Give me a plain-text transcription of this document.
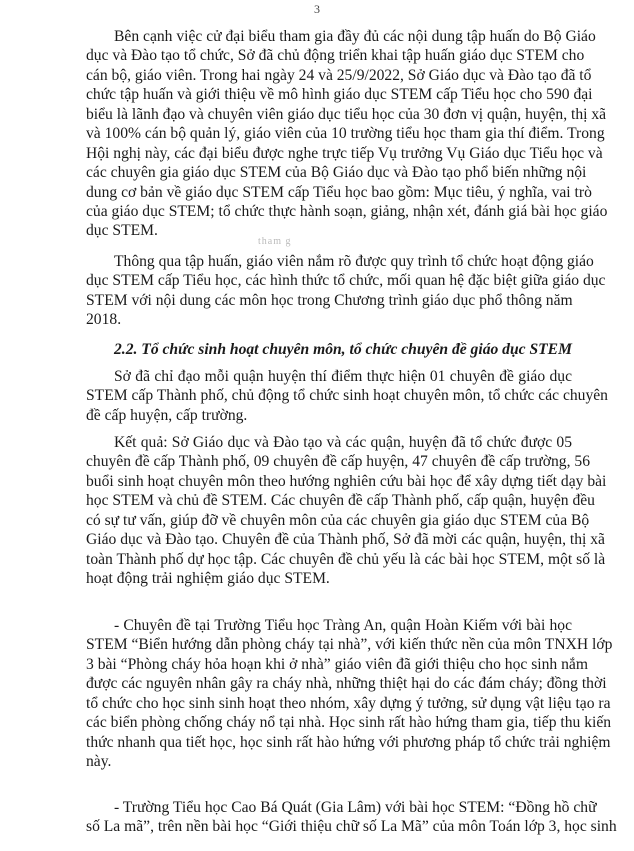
3
tham g
Bên cạnh việc cử đại biểu tham gia đầy đủ các nội dung tập huấn do Bộ Giáo
dục và Đào tạo tổ chức, Sở đã chủ động triển khai tập huấn giáo dục STEM cho
cán bộ, giáo viên. Trong hai ngày 24 và 25/9/2022, Sở Giáo dục và Đào tạo đã tổ
chức tập huấn và giới thiệu về mô hình giáo dục STEM cấp Tiểu học cho 590 đại
biểu là lãnh đạo và chuyên viên giáo dục tiểu học của 30 đơn vị quận, huyện, thị xã
và 100% cán bộ quản lý, giáo viên của 10 trường tiểu học tham gia thí điểm. Trong
Hội nghị này, các đại biểu được nghe trực tiếp Vụ trưởng Vụ Giáo dục Tiểu học và
các chuyên gia giáo dục STEM của Bộ Giáo dục và Đào tạo phổ biến những nội
dung cơ bản về giáo dục STEM cấp Tiểu học bao gồm: Mục tiêu, ý nghĩa, vai trò
của giáo dục STEM; tổ chức thực hành soạn, giảng, nhận xét, đánh giá bài học giáo
dục STEM.
Thông qua tập huấn, giáo viên nắm rõ được quy trình tổ chức hoạt động giáo
dục STEM cấp Tiểu học, các hình thức tổ chức, mối quan hệ đặc biệt giữa giáo dục
STEM với nội dung các môn học trong Chương trình giáo dục phổ thông năm
2018.
2.2. Tổ chức sinh hoạt chuyên môn, tổ chức chuyên đề giáo dục STEM
Sở đã chỉ đạo mỗi quận huyện thí điểm thực hiện 01 chuyên đề giáo dục
STEM cấp Thành phố, chủ động tổ chức sinh hoạt chuyên môn, tổ chức các chuyên
đề cấp huyện, cấp trường.
Kết quả: Sở Giáo dục và Đào tạo và các quận, huyện đã tổ chức được 05
chuyên đề cấp Thành phố, 09 chuyên đề cấp huyện, 47 chuyên đề cấp trường, 56
buổi sinh hoạt chuyên môn theo hướng nghiên cứu bài học để xây dựng tiết dạy bài
học STEM và chủ đề STEM. Các chuyên đề cấp Thành phố, cấp quận, huyện đều
có sự tư vấn, giúp đỡ về chuyên môn của các chuyên gia giáo dục STEM của Bộ
Giáo dục và Đào tạo. Chuyên đề của Thành phố, Sở đã mời các quận, huyện, thị xã
toàn Thành phố dự học tập. Các chuyên đề chủ yếu là các bài học STEM, một số là
hoạt động trải nghiệm giáo dục STEM.
- Chuyên đề tại Trường Tiểu học Tràng An, quận Hoàn Kiếm với bài học
STEM “Biển hướng dẫn phòng cháy tại nhà”, với kiến thức nền của môn TNXH lớp
3 bài “Phòng cháy hỏa hoạn khi ở nhà” giáo viên đã giới thiệu cho học sinh nắm
được các nguyên nhân gây ra cháy nhà, những thiệt hại do các đám cháy; đồng thời
tổ chức cho học sinh sinh hoạt theo nhóm, xây dựng ý tưởng, sử dụng vật liệu tạo ra
các biển phòng chống cháy nổ tại nhà. Học sinh rất hào hứng tham gia, tiếp thu kiến
thức nhanh qua tiết học, học sinh rất hào hứng với phương pháp tổ chức trải nghiệm
này.
- Trường Tiểu học Cao Bá Quát (Gia Lâm) với bài học STEM: “Đồng hồ chữ
số La mã”, trên nền bài học “Giới thiệu chữ số La Mã” của môn Toán lớp 3, học sinh
